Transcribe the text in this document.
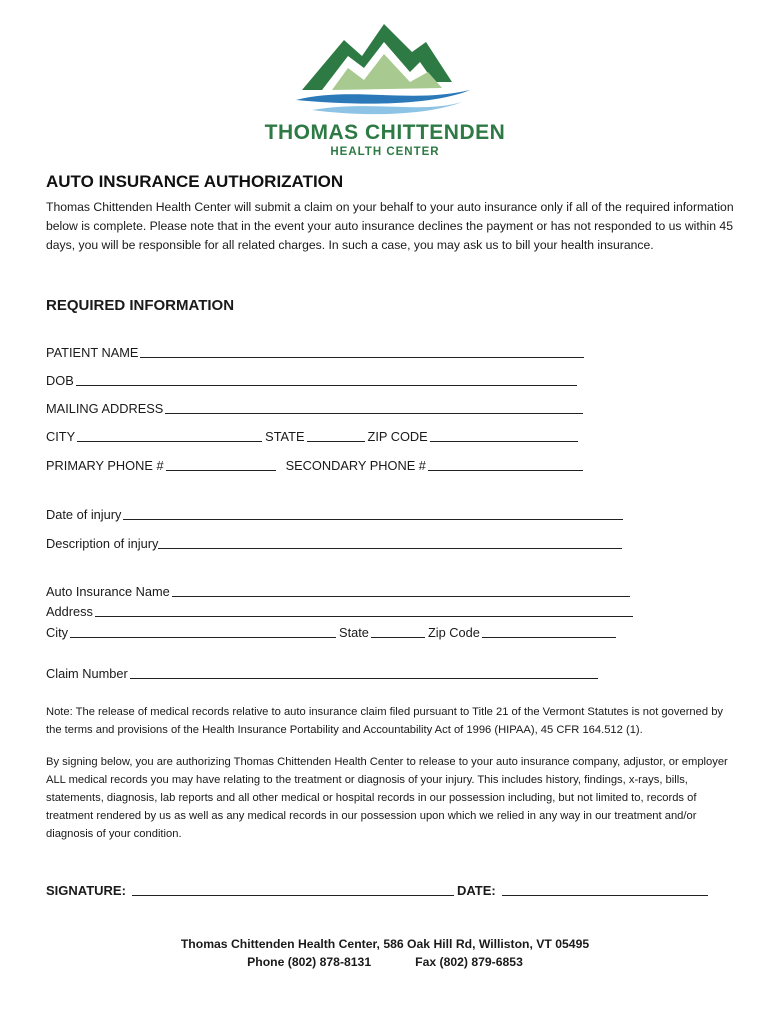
THOMAS CHITTENDEN
HEALTH CENTER
AUTO INSURANCE AUTHORIZATION

Thomas Chittenden Health Center will submit a claim on your behalf to your auto insurance only if all of the required information below is complete. Please note that in the event your auto insurance declines the payment or has not responded to us within 45 days, you will be responsible for all related charges. In such a case, you may ask us to bill your health insurance.

REQUIRED INFORMATION
PATIENT NAME
DOB
MAILING ADDRESS
CITY	STATE	ZIP CODE
PRIMARY PHONE #	SECONDARY PHONE #
Date of injury
Description of injury
Auto Insurance Name
Address
City	State	Zip Code
Claim Number

Note: The release of medical records relative to auto insurance claim filed pursuant to Title 21 of the Vermont Statutes is not governed by the terms and provisions of the Health Insurance Portability and Accountability Act of 1996 (HIPAA), 45 CFR 164.512 (1).

By signing below, you are authorizing Thomas Chittenden Health Center to release to your auto insurance company, adjustor, or employer ALL medical records you may have relating to the treatment or diagnosis of your injury. This includes history, findings, x-rays, bills, statements, diagnosis, lab reports and all other medical or hospital records in our possession including, but not limited to, records of treatment rendered by us as well as any medical records in our possession upon which we relied in any way in our treatment and/or diagnosis of your condition.

SIGNATURE:	DATE:
Thomas Chittenden Health Center, 586 Oak Hill Rd, Williston, VT 05495
Phone (802) 878-8131	Fax (802) 879-6853
